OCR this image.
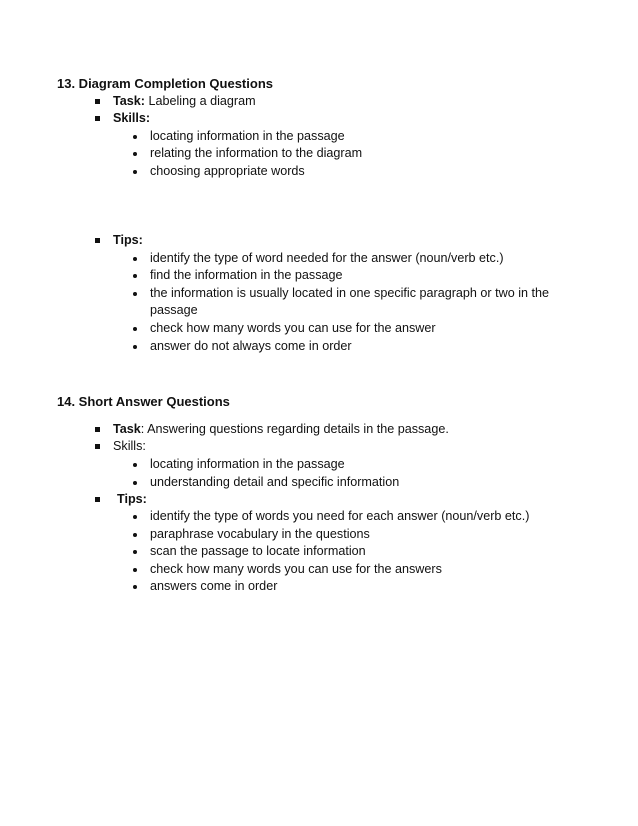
13. Diagram Completion Questions
Task: Labeling a diagram
Skills:
locating information in the passage
relating the information to the diagram
choosing appropriate words
Tips:
identify the type of word needed for the answer (noun/verb etc.)
find the information in the passage
the information is usually located in one specific paragraph or two in the
passage
check how many words you can use for the answer
answer do not always come in order
14. Short Answer Questions
Task: Answering questions regarding details in the passage.
Skills:
locating information in the passage
understanding detail and specific information
Tips:
identify the type of words you need for each answer (noun/verb etc.)
paraphrase vocabulary in the questions
scan the passage to locate information
check how many words you can use for the answers
answers come in order
